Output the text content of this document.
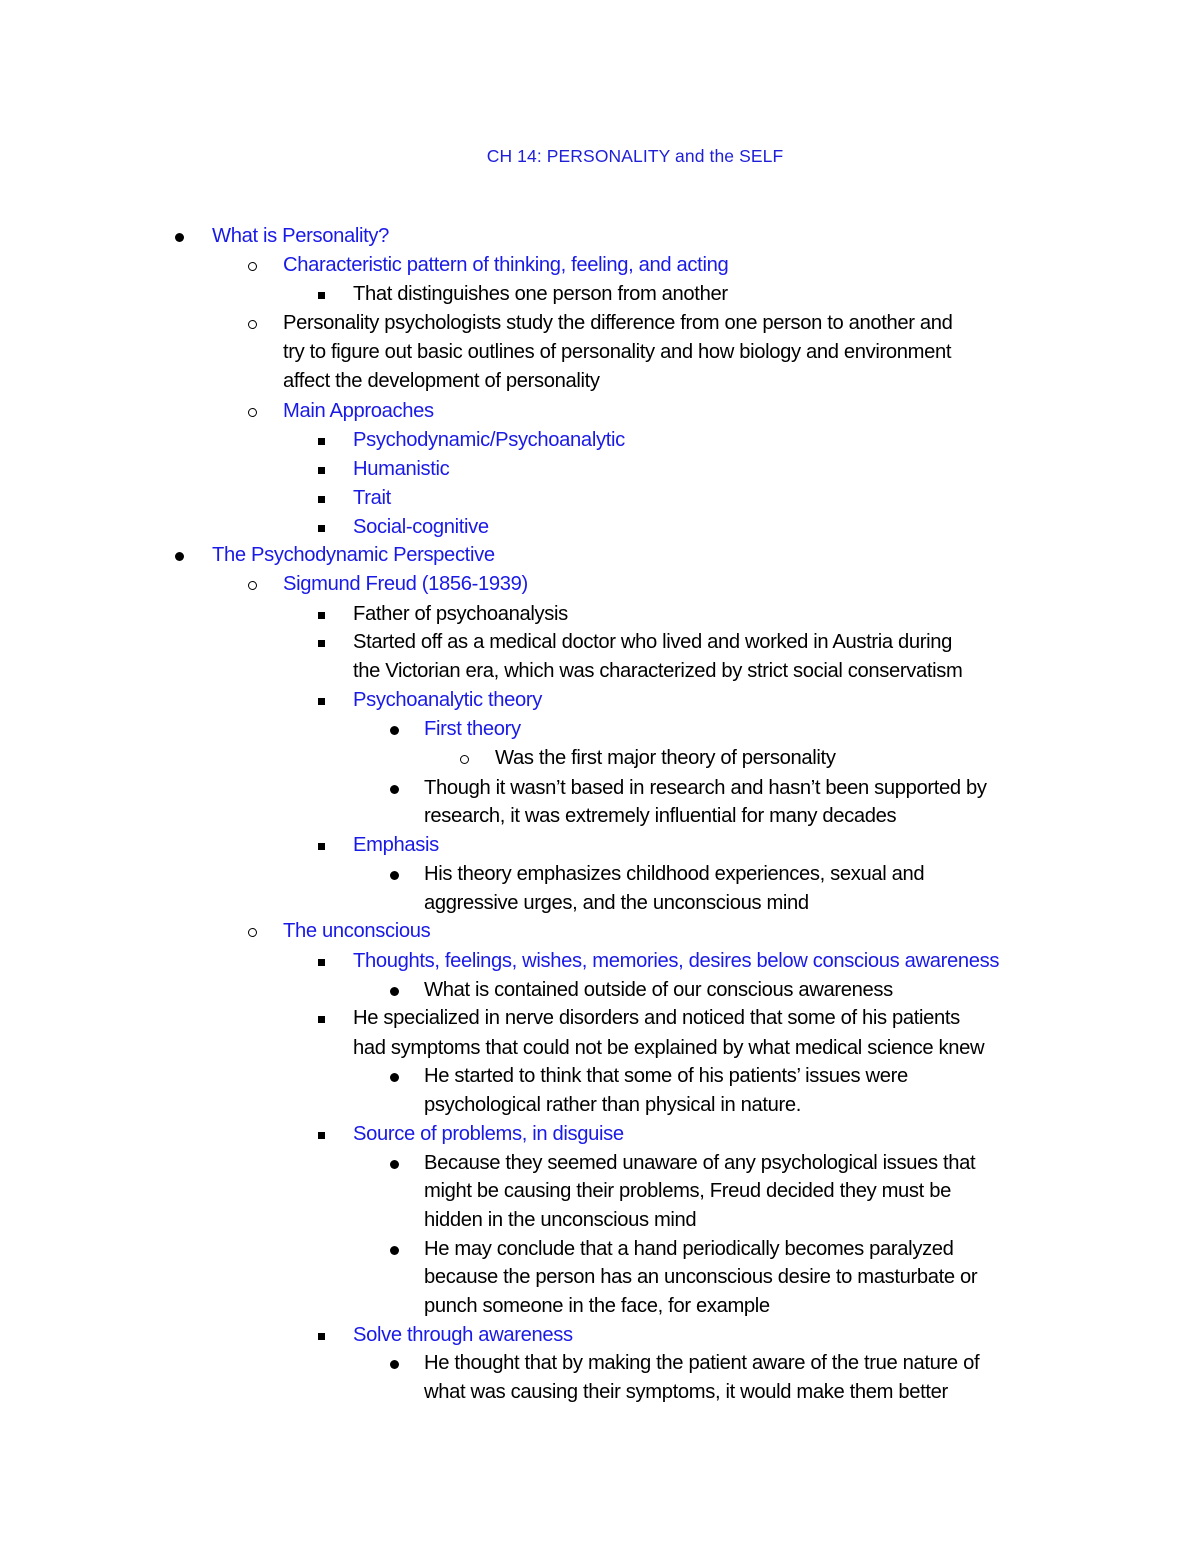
CH 14: PERSONALITY and the SELF
What is Personality?
Characteristic pattern of thinking, feeling, and acting
That distinguishes one person from another
Personality psychologists study the difference from one person to another and
try to figure out basic outlines of personality and how biology and environment
affect the development of personality
Main Approaches
Psychodynamic/Psychoanalytic
Humanistic
Trait
Social-cognitive
The Psychodynamic Perspective
Sigmund Freud (1856-1939)
Father of psychoanalysis
Started off as a medical doctor who lived and worked in Austria during
the Victorian era, which was characterized by strict social conservatism
Psychoanalytic theory
First theory
Was the first major theory of personality
Though it wasn’t based in research and hasn’t been supported by
research, it was extremely influential for many decades
Emphasis
His theory emphasizes childhood experiences, sexual and
aggressive urges, and the unconscious mind
The unconscious
Thoughts, feelings, wishes, memories, desires below conscious awareness
What is contained outside of our conscious awareness
He specialized in nerve disorders and noticed that some of his patients
had symptoms that could not be explained by what medical science knew
He started to think that some of his patients’ issues were
psychological rather than physical in nature.
Source of problems, in disguise
Because they seemed unaware of any psychological issues that
might be causing their problems, Freud decided they must be
hidden in the unconscious mind
He may conclude that a hand periodically becomes paralyzed
because the person has an unconscious desire to masturbate or
punch someone in the face, for example
Solve through awareness
He thought that by making the patient aware of the true nature of
what was causing their symptoms, it would make them better
